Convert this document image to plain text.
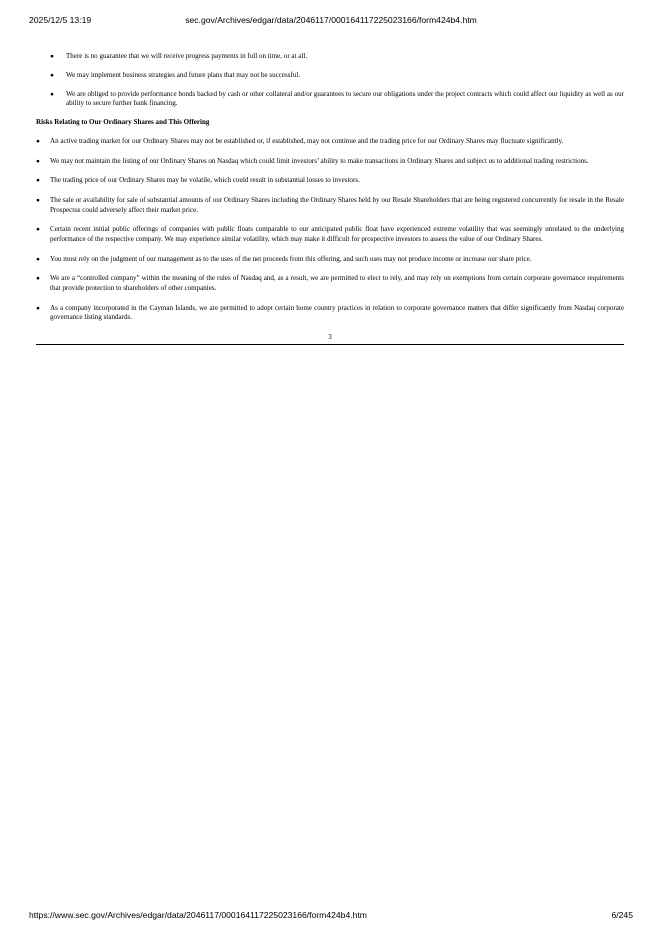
2025/12/5 13:19	sec.gov/Archives/edgar/data/2046117/000164117225023166/form424b4.htm
● There is no guarantee that we will receive progress payments in full on time, or at all.
● We may implement business strategies and future plans that may not be successful.
● We are obliged to provide performance bonds backed by cash or other collateral and/or guarantees to secure our obligations under the project contracts which could affect our liquidity as well as our ability to secure further bank financing.
Risks Relating to Our Ordinary Shares and This Offering
● An active trading market for our Ordinary Shares may not be established or, if established, may not continue and the trading price for our Ordinary Shares may fluctuate significantly.
● We may not maintain the listing of our Ordinary Shares on Nasdaq which could limit investors’ ability to make transactions in Ordinary Shares and subject us to additional trading restrictions.
● The trading price of our Ordinary Shares may be volatile, which could result in substantial losses to investors.
● The sale or availability for sale of substantial amounts of our Ordinary Shares including the Ordinary Shares held by our Resale Shareholders that are being registered concurrently for resale in the Resale Prospectus could adversely affect their market price.
● Certain recent initial public offerings of companies with public floats comparable to our anticipated public float have experienced extreme volatility that was seemingly unrelated to the underlying performance of the respective company. We may experience similar volatility, which may make it difficult for prospective investors to assess the value of our Ordinary Shares.
● You must rely on the judgment of our management as to the uses of the net proceeds from this offering, and such uses may not produce income or increase our share price.
● We are a “controlled company” within the meaning of the rules of Nasdaq and, as a result, we are permitted to elect to rely, and may rely on exemptions from certain corporate governance requirements that provide protection to shareholders of other companies.
● As a company incorporated in the Cayman Islands, we are permitted to adopt certain home country practices in relation to corporate governance matters that differ significantly from Nasdaq corporate governance listing standards.
3
https://www.sec.gov/Archives/edgar/data/2046117/000164117225023166/form424b4.htm	6/245
